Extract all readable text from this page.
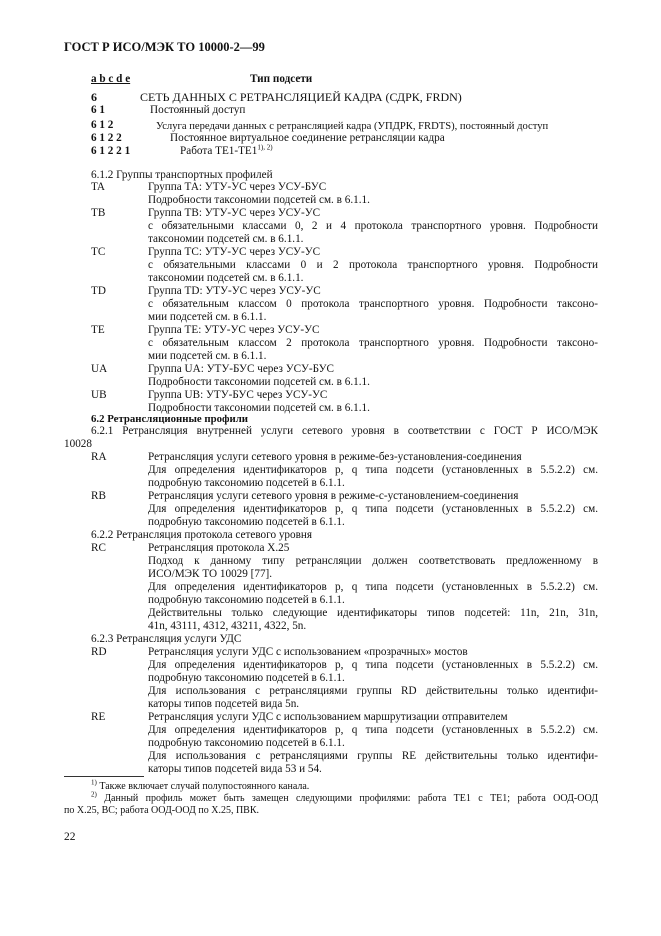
ГОСТ Р ИСО/МЭК ТО 10000-2—99
a b c d e	Тип подсети
6	СЕТЬ ДАННЫХ С РЕТРАНСЛЯЦИЕЙ КАДРА (СДРК, FRDN)
6 1	Постоянный доступ
6 1 2	Услуга передачи данных с ретрансляцией кадра (УПДРК, FRDTS), постоянный доступ
6 1 2 2	Постоянное виртуальное соединение ретрансляции кадра
6 1 2 2 1	Работа $ТЕ1-ТЕ1^{1), 2)}$
6.1.2 Группы транспортных профилей
TA	Группа ТА: УТУ-УС через УСУ-БУС
Подробности таксономии подсетей см. в 6.1.1.
TB	Группа ТВ: УТУ-УС через УСУ-УС
с обязательными классами 0, 2 и 4 протокола транспортного уровня. Подробности
таксономии подсетей см. в 6.1.1.
TC	Группа ТС: УТУ-УС через УСУ-УС
с обязательными классами 0 и 2 протокола транспортного уровня. Подробности
таксономии подсетей см. в 6.1.1.
TD	Группа TD: УТУ-УС через УСУ-УС
с обязательным классом 0 протокола транспортного уровня. Подробности таксоно-
мии подсетей см. в 6.1.1.
TE	Группа ТЕ: УТУ-УС через УСУ-УС
с обязательным классом 2 протокола транспортного уровня. Подробности таксоно-
мии подсетей см. в 6.1.1.
UA	Группа UA: УТУ-БУС через УСУ-БУС
Подробности таксономии подсетей см. в 6.1.1.
UB	Группа UB: УТУ-БУС через УСУ-УС
Подробности таксономии подсетей см. в 6.1.1.
6.2 Ретрансляционные профили
6.2.1 Ретрансляция внутренней услуги сетевого уровня в соответствии с ГОСТ Р ИСО/МЭК
10028
RA	Ретрансляция услуги сетевого уровня в режиме-без-установления-соединения
Для определения идентификаторов p, q типа подсети (установленных в 5.5.2.2) см.
подробную таксономию подсетей в 6.1.1.
RB	Ретрансляция услуги сетевого уровня в режиме-с-установлением-соединения
Для определения идентификаторов p, q типа подсети (установленных в 5.5.2.2) см.
подробную таксономию подсетей в 6.1.1.
6.2.2 Ретрансляция протокола сетевого уровня
RC	Ретрансляция протокола X.25
Подход к данному типу ретрансляции должен соответствовать предложенному в
ИСО/МЭК ТО 10029 [77].
Для определения идентификаторов p, q типа подсети (установленных в 5.5.2.2) см.
подробную таксономию подсетей в 6.1.1.
Действительны только следующие идентификаторы типов подсетей: 11n, 21n, 31n,
41n, 43111, 4312, 43211, 4322, 5n.
6.2.3 Ретрансляция услуги УДС
RD	Ретрансляция услуги УДС с использованием «прозрачных» мостов
Для определения идентификаторов p, q типа подсети (установленных в 5.5.2.2) см.
подробную таксономию подсетей в 6.1.1.
Для использования с ретрансляциями группы RD действительны только идентифи-
каторы типов подсетей вида 5n.
RE	Ретрансляция услуги УДС с использованием маршрутизации отправителем
Для определения идентификаторов p, q типа подсети (установленных в 5.5.2.2) см.
подробную таксономию подсетей в 6.1.1.
Для использования с ретрансляциями группы RE действительны только идентифи-
каторы типов подсетей вида 53 и 54.
$^{1)}$ Также включает случай полупостоянного канала.
$^{2)}$ Данный профиль может быть замещен следующими профилями: работа ТЕ1 с ТЕ1; работа ООД-ООД
по X.25, ВС; работа ООД-ООД по X.25, ПВК.
22
